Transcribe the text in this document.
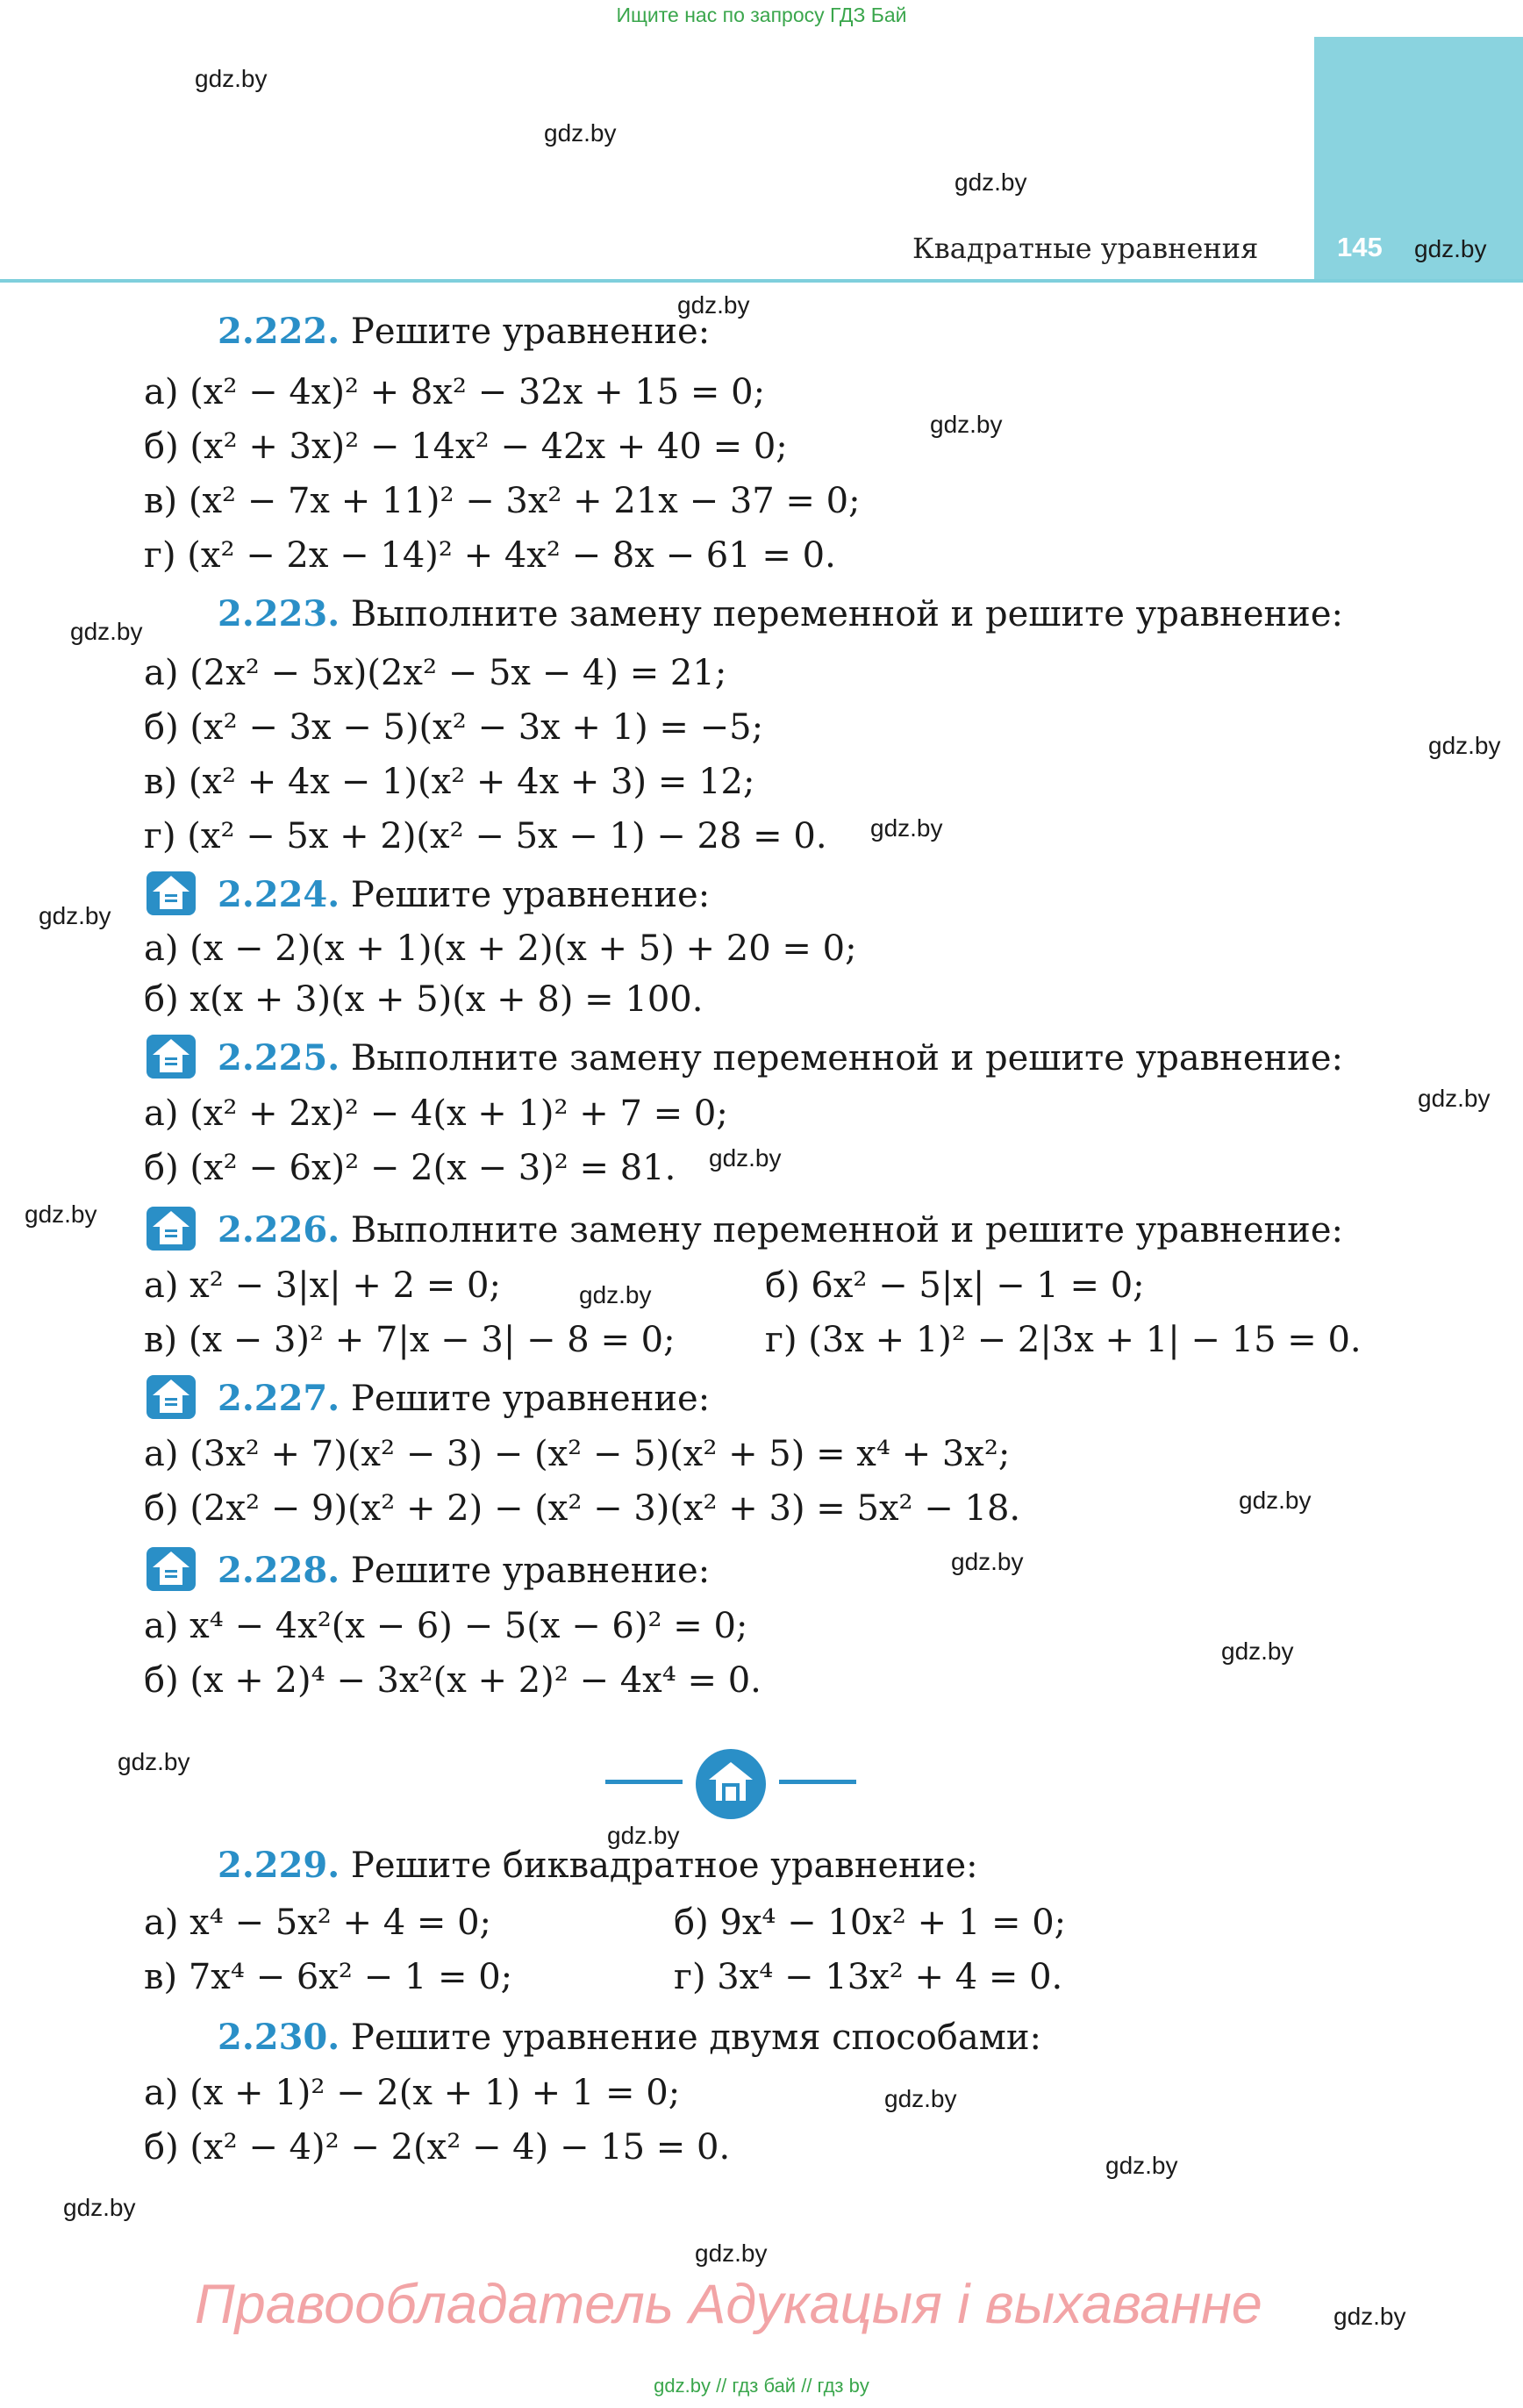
Ищите нас по запросу ГДЗ Бай
145
Квадратные уравнения
gdz.by
gdz.by
gdz.by
gdz.by
gdz.by
gdz.by
gdz.by
gdz.by
gdz.by
gdz.by
gdz.by
gdz.by
gdz.by
gdz.by
gdz.by
gdz.by
gdz.by
gdz.by
gdz.by
gdz.by
gdz.by
gdz.by
gdz.by
gdz.by
2.222. Решите уравнение:
а) (x² − 4x)² + 8x² − 32x + 15 = 0;
б) (x² + 3x)² − 14x² − 42x + 40 = 0;
в) (x² − 7x + 11)² − 3x² + 21x − 37 = 0;
г) (x² − 2x − 14)² + 4x² − 8x − 61 = 0.
2.223. Выполните замену переменной и решите уравнение:
а) (2x² − 5x)(2x² − 5x − 4) = 21;
б) (x² − 3x − 5)(x² − 3x + 1) = −5;
в) (x² + 4x − 1)(x² + 4x + 3) = 12;
г) (x² − 5x + 2)(x² − 5x − 1) − 28 = 0.
2.224. Решите уравнение:
а) (x − 2)(x + 1)(x + 2)(x + 5) + 20 = 0;
б) x(x + 3)(x + 5)(x + 8) = 100.
2.225. Выполните замену переменной и решите уравнение:
а) (x² + 2x)² − 4(x + 1)² + 7 = 0;
б) (x² − 6x)² − 2(x − 3)² = 81.
2.226. Выполните замену переменной и решите уравнение:
а) x² − 3|x| + 2 = 0;	б) 6x² − 5|x| − 1 = 0;
в) (x − 3)² + 7|x − 3| − 8 = 0;	г) (3x + 1)² − 2|3x + 1| − 15 = 0.
2.227. Решите уравнение:
а) (3x² + 7)(x² − 3) − (x² − 5)(x² + 5) = x⁴ + 3x²;
б) (2x² − 9)(x² + 2) − (x² − 3)(x² + 3) = 5x² − 18.
2.228. Решите уравнение:
а) x⁴ − 4x²(x − 6) − 5(x − 6)² = 0;
б) (x + 2)⁴ − 3x²(x + 2)² − 4x⁴ = 0.
2.229. Решите биквадратное уравнение:
а) x⁴ − 5x² + 4 = 0;	б) 9x⁴ − 10x² + 1 = 0;
в) 7x⁴ − 6x² − 1 = 0;	г) 3x⁴ − 13x² + 4 = 0.
2.230. Решите уравнение двумя способами:
а) (x + 1)² − 2(x + 1) + 1 = 0;
б) (x² − 4)² − 2(x² − 4) − 15 = 0.
Правообладатель Адукацыя і выхаванне
gdz.by // гдз бай // гдз by
